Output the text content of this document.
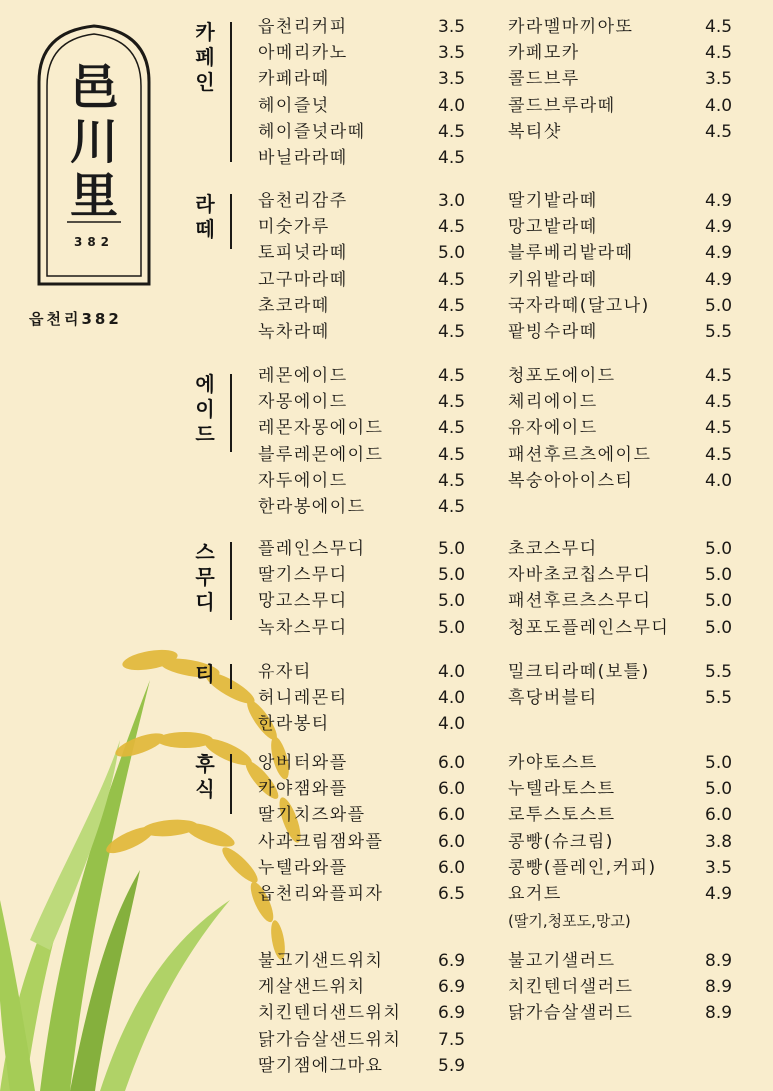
邑
川
里
382
읍천리382
카
페
인
읍천리커피	3.5
아메리카노	3.5
카페라떼	3.5
헤이즐넛	4.0
헤이즐넛라떼	4.5
바닐라라떼	4.5
카라멜마끼아또	4.5
카페모카	4.5
콜드브루	3.5
콜드브루라떼	4.0
복티샷	4.5
라
떼
읍천리감주	3.0
미숫가루	4.5
토피넛라떼	5.0
고구마라떼	4.5
초코라떼	4.5
녹차라떼	4.5
딸기밭라떼	4.9
망고밭라떼	4.9
블루베리밭라떼	4.9
키위밭라떼	4.9
국자라떼(달고나)	5.0
팥빙수라떼	5.5
에
이
드
레몬에이드	4.5
자몽에이드	4.5
레몬자몽에이드	4.5
블루레몬에이드	4.5
자두에이드	4.5
한라봉에이드	4.5
청포도에이드	4.5
체리에이드	4.5
유자에이드	4.5
패션후르츠에이드	4.5
복숭아아이스티	4.0
스
무
디
플레인스무디	5.0
딸기스무디	5.0
망고스무디	5.0
녹차스무디	5.0
초코스무디	5.0
자바초코칩스무디	5.0
패션후르츠스무디	5.0
청포도플레인스무디 5.0
티	유자티	4.0
허니레몬티	4.0
한라봉티	4.0
밀크티라떼(보틀)	5.5
흑당버블티	5.5
후
식
앙버터와플	6.0
카야잼와플	6.0
딸기치즈와플	6.0
사과크림잼와플	6.0
누텔라와플	6.0
읍천리와플피자	6.5
카야토스트	5.0
누텔라토스트	5.0
로투스토스트	6.0
콩빵(슈크림)	3.8
콩빵(플레인,커피)	3.5
요거트	4.9
(딸기,청포도,망고)
불고기샌드위치	6.9
게살샌드위치	6.9
치킨텐더샌드위치 6.9
닭가슴살샌드위치 7.5
딸기잼에그마요	5.9
불고기샐러드	8.9
치킨텐더샐러드	8.9
닭가슴살샐러드	8.9
